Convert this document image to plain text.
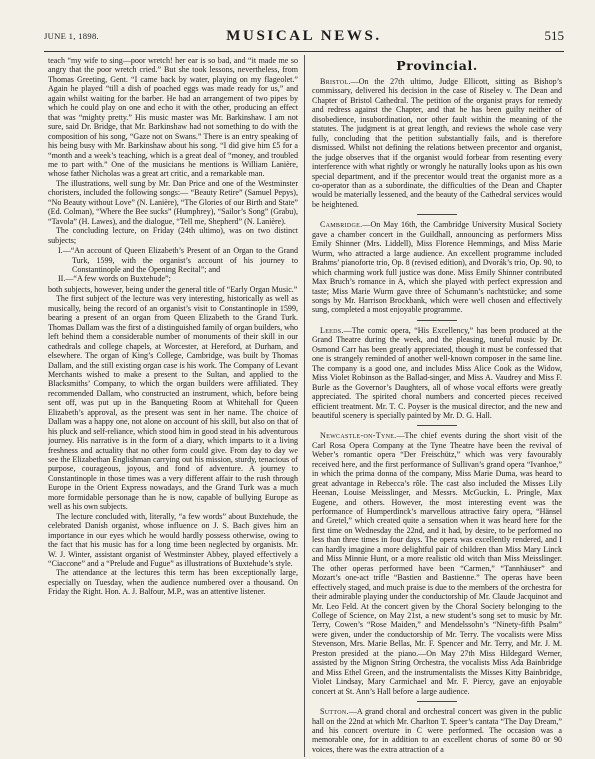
JUNE 1, 1898.	MUSICAL NEWS.	515

teach “my wife to sing—poor wretch! her ear is so bad, and “it made me so angry that the poor wretch cried.” But she took lessons, nevertheless, from Thomas Greeting, Gent. “I came back by water, playing on my flageolet.” Again he played “till a dish of poached eggs was made ready for us,” and again whilst waiting for the barber. He had an arrangement of two pipes by which he could play on one and echo it with the other, producing an effect that was “mighty pretty.” His music master was Mr. Barkinshaw. I am not sure, said Dr. Bridge, that Mr. Barkinshaw had not something to do with the composition of his song, “Gaze not on Swans.” There is an entry speaking of his being busy with Mr. Barkinshaw about his song. “I did give him £5 for a “month and a week’s teaching, which is a great deal of “money, and troubled me to part with.” One of the musicians he mentions is William Lanière, whose father Nicholas was a great art critic, and a remarkable man.

The illustrations, well sung by Mr. Dan Price and one of the Westminster choristers, included the following songs:— “Beauty Retire” (Samuel Pepys), “No Beauty without Love” (N. Lanière), “The Glories of our Birth and State” (Ed. Colman), “Where the Bee sucks” (Humphrey), “Sailor’s Song” (Grabu), “Tavola” (H. Lawes), and the dialogue, “Tell me, Shepherd” (N. Lanière).

The concluding lecture, on Friday (24th ultimo), was on two distinct subjects;

I.—“An account of Queen Elizabeth’s Present of an Organ to the Grand Turk, 1599, with the organist’s account of his journey to Constantinople and the Opening Recital”; and
II.—“A few words on Buxtehude”;

both subjects, however, being under the general title of “Early Organ Music.”

The first subject of the lecture was very interesting, historically as well as musically, being the record of an organist’s visit to Constantinople in 1599, bearing a present of an organ from Queen Elizabeth to the Grand Turk. Thomas Dallam was the first of a distinguished family of organ builders, who left behind them a considerable number of monuments of their skill in our cathedrals and college chapels, at Worcester, at Hereford, at Durham, and elsewhere. The organ of King’s College, Cambridge, was built by Thomas Dallam, and the still existing organ case is his work. The Company of Levant Merchants wished to make a present to the Sultan, and applied to the Blacksmiths’ Company, to which the organ builders were affiliated. They recommended Dallam, who constructed an instrument, which, before being sent off, was put up in the Banqueting Room at Whitehall for Queen Elizabeth’s approval, as the present was sent in her name. The choice of Dallam was a happy one, not alone on account of his skill, but also on that of his pluck and self-reliance, which stood him in good stead in his adventurous journey. His narrative is in the form of a diary, which imparts to it a living freshness and actuality that no other form could give. From day to day we see the Elizabethan Englishman carrying out his mission, sturdy, tenacious of purpose, courageous, joyous, and fond of adventure. A journey to Constantinople in those times was a very different affair to the rush through Europe in the Orient Express nowadays, and the Grand Turk was a much more formidable personage than he is now, capable of bullying Europe as well as his own subjects.

The lecture concluded with, literally, “a few words” about Buxtehude, the celebrated Danish organist, whose influence on J. S. Bach gives him an importance in our eyes which he would hardly possess otherwise, owing to the fact that his music has for a long time been neglected by organists. Mr. W. J. Winter, assistant organist of Westminster Abbey, played effectively a “Ciaccone” and a “Prelude and Fugue” as illustrations of Buxtehude’s style.

The attendance at the lectures this term has been exceptionally large, especially on Tuesday, when the audience numbered over a thousand. On Friday the Right. Hon. A. J. Balfour, M.P., was an attentive listener.

Provincial.

Bristol.—On the 27th ultimo, Judge Ellicott, sitting as Bishop’s commissary, delivered his decision in the case of Riseley v. The Dean and Chapter of Bristol Cathedral. The petition of the organist prays for remedy and redress against the Chapter, and that he has been guilty neither of disobedience, insubordination, nor other fault within the meaning of the statutes. The judgment is at great length, and reviews the whole case very fully, concluding that the petition substantially fails, and is therefore dismissed. Whilst not defining the relations between precentor and organist, the judge observes that if the organist would forbear from resenting every interference with what rightly or wrongly he naturally looks upon as his own special department, and if the precentor would treat the organist more as a co-operator than as a subordinate, the difficulties of the Dean and Chapter would be materially lessened, and the beauty of the Cathedral services would be heightened.

Cambridge.—On May 16th, the Cambridge University Musical Society gave a chamber concert in the Guildhall, announcing as performers Miss Emily Shinner (Mrs. Liddell), Miss Florence Hemmings, and Miss Marie Wurm, who attracted a large audience. An excellent programme included Brahms’ pianoforte trio, Op. 8 (revised edition), and Dvorák’s trio, Op. 90, to which charming work full justice was done. Miss Emily Shinner contributed Max Bruch’s romance in A, which she played with perfect expression and taste; Miss Marie Wurm gave three of Schumann’s nachtstücke; and some songs by Mr. Harrison Brockbank, which were well chosen and effectively sung, completed a most enjoyable programme.

Leeds.—The comic opera, “His Excellency,” has been produced at the Grand Theatre during the week, and the pleasing, tuneful music by Dr. Osmond Carr has been greatly appreciated, though it must be confessed that one is strangely reminded of another well-known composer in the same line. The company is a good one, and includes Miss Alice Cook as the Widow, Miss Violet Robinson as the Ballad-singer, and Miss A. Vaudrey and Miss F. Burle as the Governor’s Daughters, all of whose vocal efforts were greatly appreciated. The spirited choral numbers and concerted pieces received efficient treatment. Mr. T. C. Poyser is the musical director, and the new and beautiful scenery is specially painted by Mr. D. G. Hall.

Newcastle-on-Tyne.—The chief events during the short visit of the Carl Rosa Opera Company at the Tyne Theatre have been the revival of Weber’s romantic opera “Der Freischütz,” which was very favourably received here, and the first performance of Sullivan’s grand opera “Ivanhoe,” in which the prima donna of the company, Miss Marie Duma, was heard to great advantage in Rebecca’s rôle. The cast also included the Misses Lily Heenan, Louise Meisslinger, and Messrs. McGuckin, L. Pringle, Max Eugene, and others. However, the most interesting event was the performance of Humperdinck’s marvellous attractive fairy opera, “Hänsel and Gretel,” which created quite a sensation when it was heard here for the first time on Wednesday the 22nd, and it had, by desire, to be performed no less than three times in four days. The opera was excellently rendered, and I can hardly imagine a more delightful pair of children than Miss Mary Linck and Miss Minnie Hunt, or a more realistic old witch than Miss Meisslinger. The other operas performed have been “Carmen,” “Tannhäuser” and Mozart’s one-act trifle “Bastien and Bastienne.” The operas have been effectively staged, and much praise is due to the members of the orchestra for their admirable playing under the conductorship of Mr. Claude Jacquinot and Mr. Leo Feld. At the concert given by the Choral Society belonging to the College of Science, on May 21st, a new student’s song set to music by Mr. Terry, Cowen’s “Rose Maiden,” and Mendelssohn’s “Ninety-fifth Psalm” were given, under the conductorship of Mr. Terry. The vocalists were Miss Stevenson, Mrs. Marie Bellas, Mr. F. Spencer and Mr. Terry, and Mr. J. M. Preston presided at the piano.—On May 27th Miss Hildegard Werner, assisted by the Mignon String Orchestra, the vocalists Miss Ada Bainbridge and Miss Ethel Green, and the instrumentalists the Misses Kitty Bainbridge, Violet Lindsay, Mary Carmichael and Mr. F. Piercy, gave an enjoyable concert at St. Ann’s Hall before a large audience.

Sutton.—A grand choral and orchestral concert was given in the public hall on the 22nd at which Mr. Charlton T. Speer’s cantata “The Day Dream,” and his concert overture in C were performed. The occasion was a memorable one, for in addition to an excellent chorus of some 80 or 90 voices, there was the extra attraction of a
